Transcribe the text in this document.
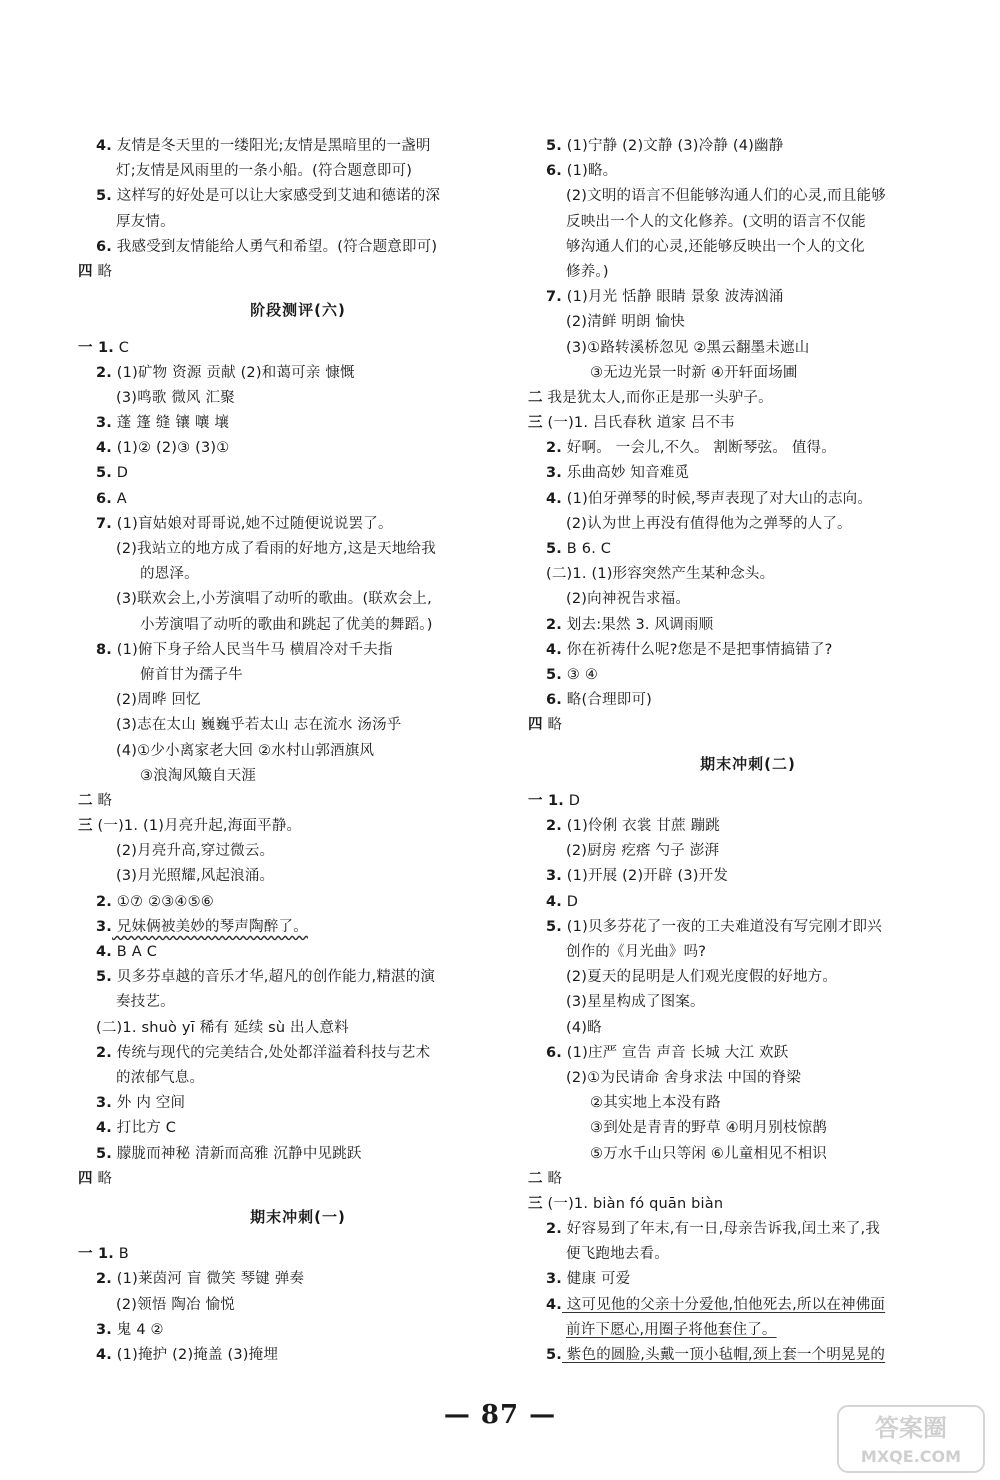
4. 友情是冬天里的一缕阳光;友情是黑暗里的一盏明
灯;友情是风雨里的一条小船。(符合题意即可)
5. 这样写的好处是可以让大家感受到艾迪和德诺的深
厚友情。
6. 我感受到友情能给人勇气和希望。(符合题意即可)
四 略
阶段测评(六)
一 1. C
2. (1)矿物 资源 贡献 (2)和蔼可亲 慷慨
(3)鸣歌 微风 汇聚
3. 蓬 篷 缝 镶 嚷 壤
4. (1)② (2)③ (3)①
5. D
6. A
7. (1)盲姑娘对哥哥说,她不过随便说说罢了。
(2)我站立的地方成了看雨的好地方,这是天地给我
的恩泽。
(3)联欢会上,小芳演唱了动听的歌曲。(联欢会上,
小芳演唱了动听的歌曲和跳起了优美的舞蹈。)
8. (1)俯下身子给人民当牛马 横眉冷对千夫指
俯首甘为孺子牛
(2)周晔 回忆
(3)志在太山 巍巍乎若太山 志在流水 汤汤乎
(4)①少小离家老大回 ②水村山郭酒旗风
③浪淘风簸自天涯
二 略
三 (一)1. (1)月亮升起,海面平静。
(2)月亮升高,穿过微云。
(3)月光照耀,风起浪涌。
2. ①⑦ ②③④⑤⑥
3. 兄妹俩被美妙的琴声陶醉了。
4. B A C
5. 贝多芬卓越的音乐才华,超凡的创作能力,精湛的演
奏技艺。
(二)1. shuò yī 稀有 延续 sù 出人意料
2. 传统与现代的完美结合,处处都洋溢着科技与艺术
的浓郁气息。
3. 外 内 空间
4. 打比方 C
5. 朦胧而神秘 清新而高雅 沉静中见跳跃
四 略
期末冲刺(一)
一 1. B
2. (1)莱茵河 盲 微笑 琴键 弹奏
(2)领悟 陶冶 愉悦
3. 鬼 4 ②
4. (1)掩护 (2)掩盖 (3)掩埋
5. (1)宁静 (2)文静 (3)冷静 (4)幽静
6. (1)略。
(2)文明的语言不但能够沟通人们的心灵,而且能够
反映出一个人的文化修养。(文明的语言不仅能
够沟通人们的心灵,还能够反映出一个人的文化
修养。)
7. (1)月光 恬静 眼睛 景象 波涛汹涌
(2)清鲜 明朗 愉快
(3)①路转溪桥忽见 ②黑云翻墨未遮山
③无边光景一时新 ④开轩面场圃
二 我是犹太人,而你正是那一头驴子。
三 (一)1. 吕氏春秋 道家 吕不韦
2. 好啊。 一会儿,不久。 割断琴弦。 值得。
3. 乐曲高妙 知音难觅
4. (1)伯牙弹琴的时候,琴声表现了对大山的志向。
(2)认为世上再没有值得他为之弹琴的人了。
5. B 6. C
(二)1. (1)形容突然产生某种念头。
(2)向神祝告求福。
2. 划去:果然 3. 风调雨顺
4. 你在祈祷什么呢?您是不是把事情搞错了?
5. ③ ④
6. 略(合理即可)
四 略
期末冲刺(二)
一 1. D
2. (1)伶俐 衣裳 甘蔗 蹦跳
(2)厨房 疙瘩 勺子 澎湃
3. (1)开展 (2)开辟 (3)开发
4. D
5. (1)贝多芬花了一夜的工夫难道没有写完刚才即兴
创作的《月光曲》吗?
(2)夏天的昆明是人们观光度假的好地方。
(3)星星构成了图案。
(4)略
6. (1)庄严 宣告 声音 长城 大江 欢跃
(2)①为民请命 舍身求法 中国的脊梁
②其实地上本没有路
③到处是青青的野草 ④明月别枝惊鹊
⑤万水千山只等闲 ⑥儿童相见不相识
二 略
三 (一)1. biàn fó quān biàn
2. 好容易到了年末,有一日,母亲告诉我,闰土来了,我
便飞跑地去看。
3. 健康 可爱
4. 这可见他的父亲十分爱他,怕他死去,所以在神佛面
前许下愿心,用圈子将他套住了。
5. 紫色的圆脸,头戴一顶小毡帽,颈上套一个明晃晃的
— 87 —	答案圈
MXQE.COM
